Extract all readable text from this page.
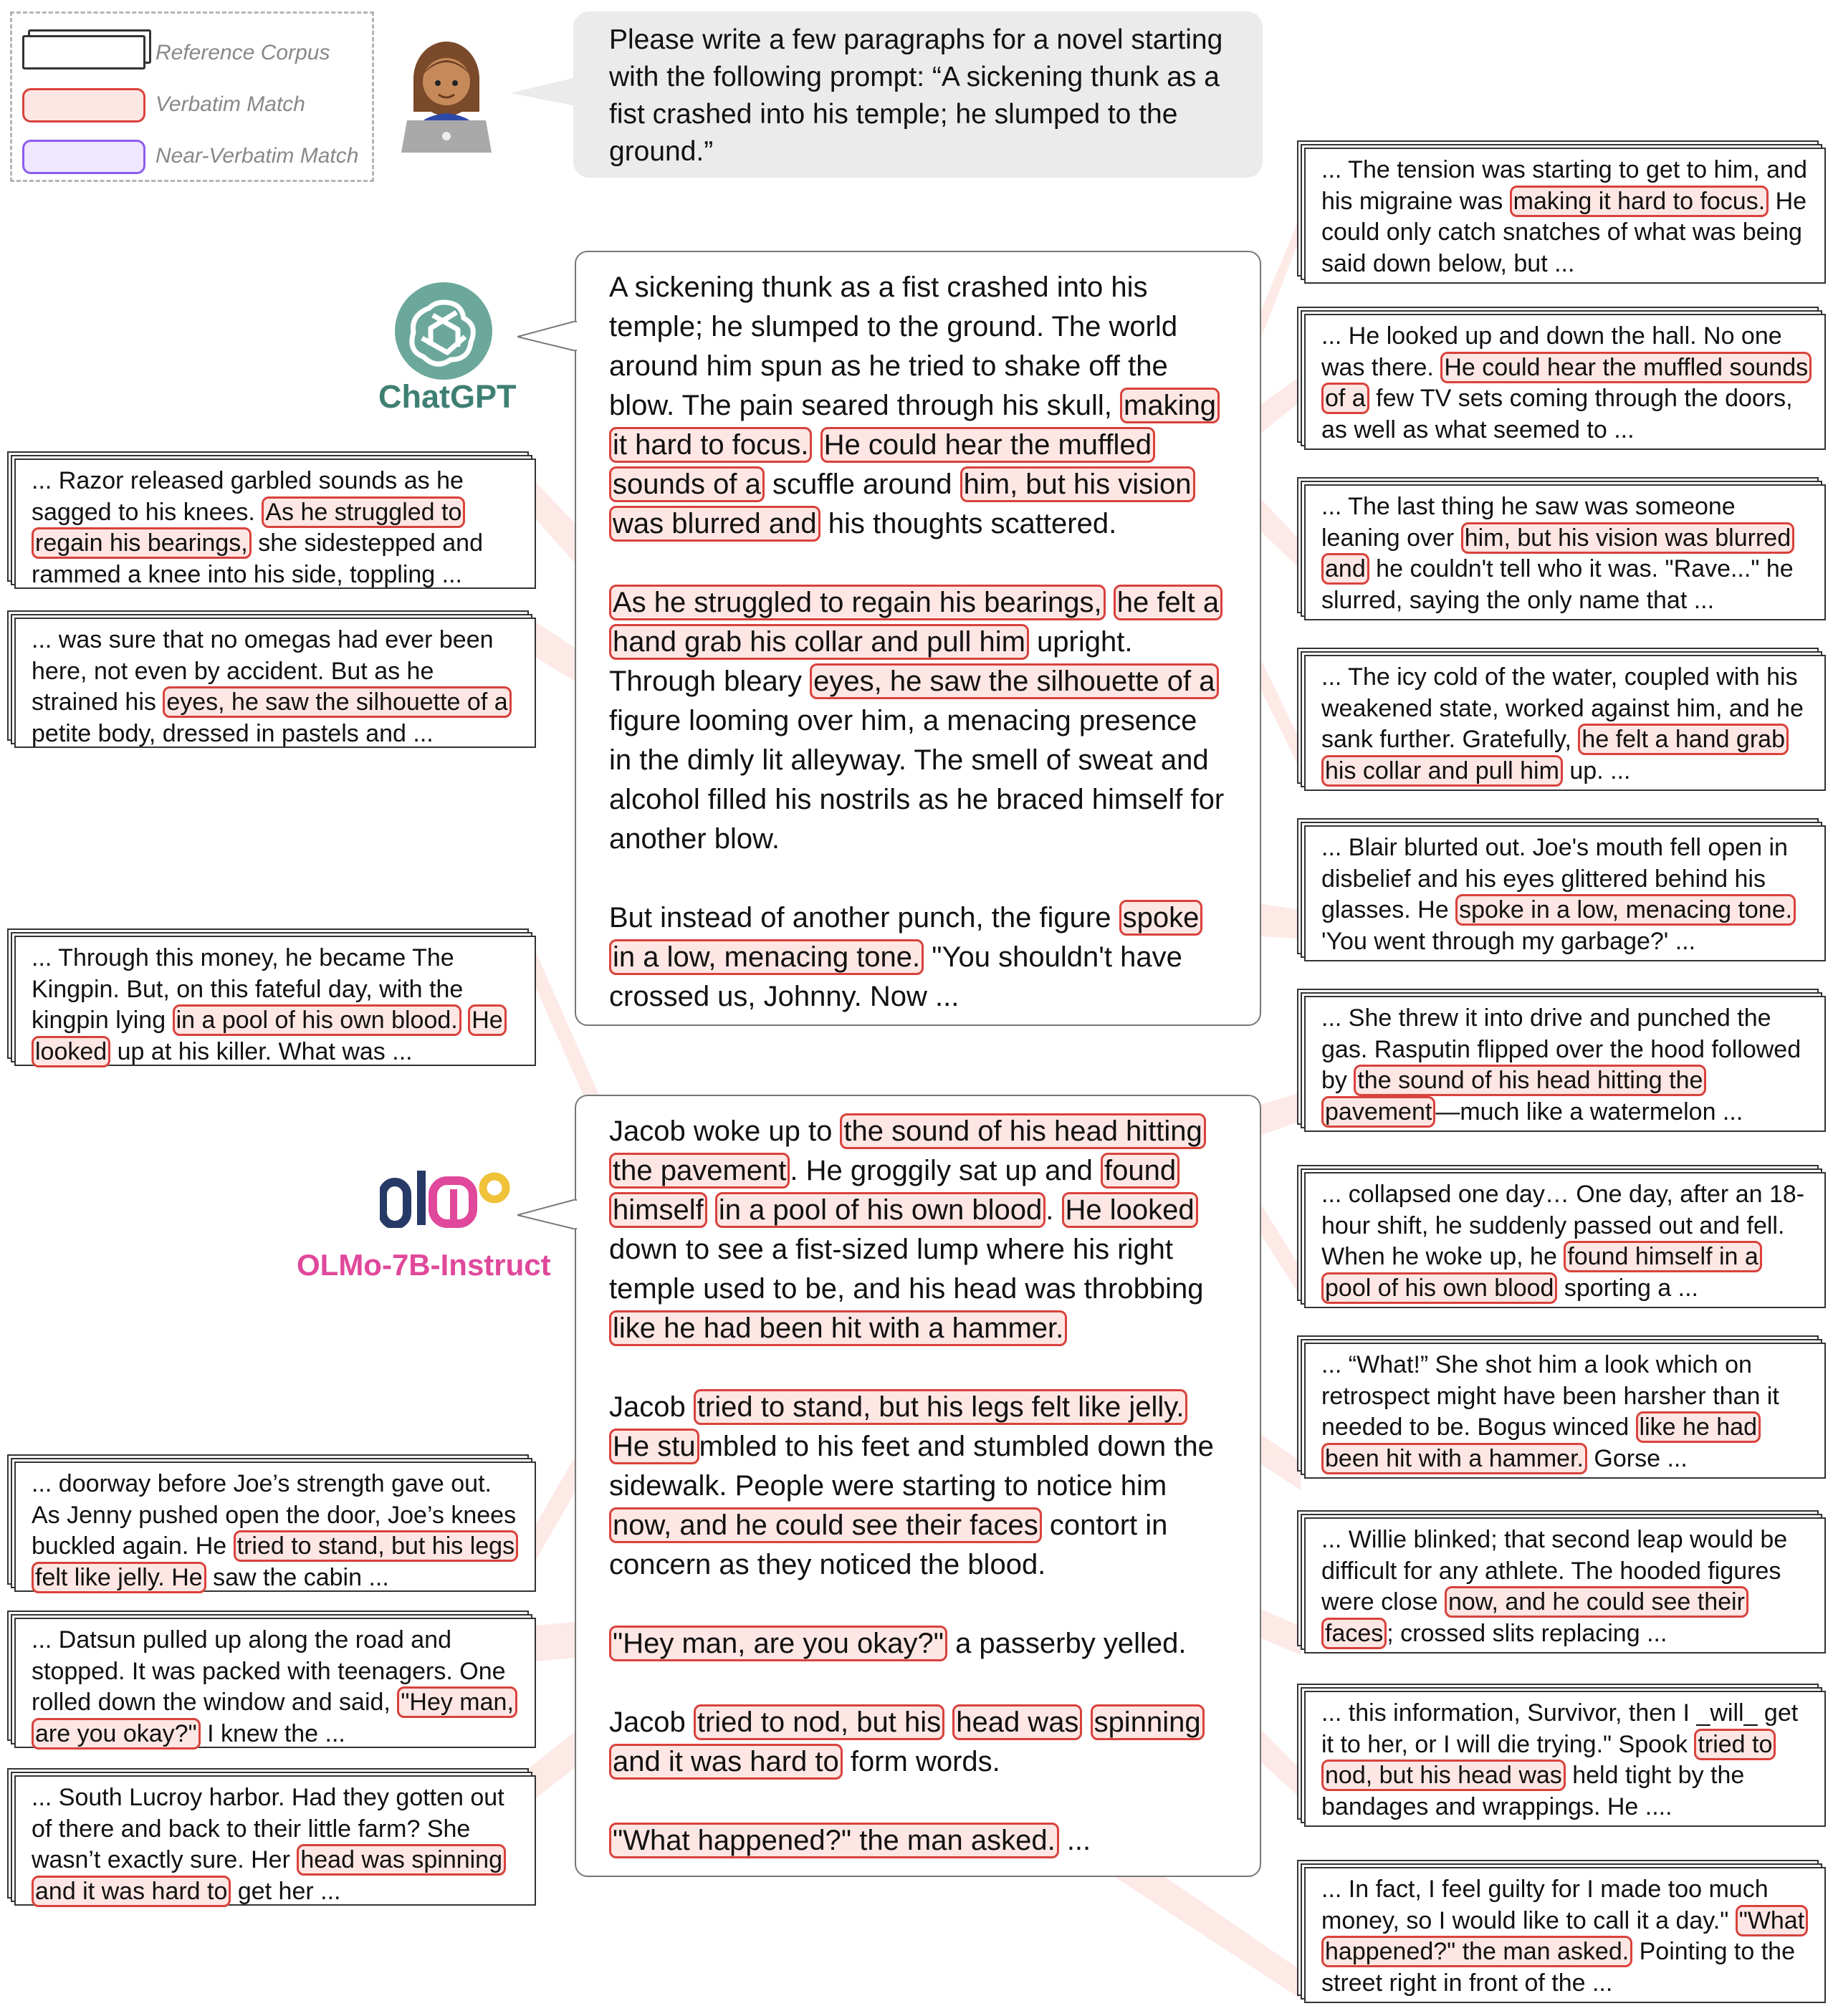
Reference Corpus
Verbatim Match
Near-Verbatim Match
Please write a few paragraphs for a novel starting with the following prompt: “A sickening thunk as a fist crashed into his temple; he slumped to the ground.”
ChatGPT

A sickening thunk as a fist crashed into his temple; he slumped to the ground. The world around him spun as he tried to shake off the blow. The pain seared through his skull, making it hard to focus. He could hear the muffled sounds of a scuffle around him, but his vision was blurred and his thoughts scattered.

As he struggled to regain his bearings, he felt a hand grab his collar and pull him upright. Through bleary eyes, he saw the silhouette of a figure looming over him, a menacing presence in the dimly lit alleyway. The smell of sweat and alcohol filled his nostrils as he braced himself for another blow.

But instead of another punch, the figure spoke in a low, menacing tone. "You shouldn't have crossed us, Johnny. Now ...

OLMo-7B-Instruct

Jacob woke up to the sound of his head hitting the pavement . He groggily sat up and found himself in a pool of his own blood . He looked down to see a fist-sized lump where his right temple used to be, and his head was throbbing like he had been hit with a hammer.

Jacob tried to stand, but his legs felt like jelly. He stu mbled to his feet and stumbled down the sidewalk. People were starting to notice him now, and he could see their faces contort in concern as they noticed the blood.

"Hey man, are you okay?" a passerby yelled.

Jacob tried to nod, but his head was spinning and it was hard to form words.

"What happened?" the man asked. ...

... Razor released garbled sounds as he sagged to his knees. As he struggled to regain his bearings, she sidestepped and rammed a knee into his side, toppling ...
... was sure that no omegas had ever been here, not even by accident. But as he strained his eyes, he saw the silhouette of a petite body, dressed in pastels and ...
... Through this money, he became The Kingpin. But, on this fateful day, with the kingpin lying in a pool of his own blood. He looked up at his killer. What was ...
... doorway before Joe’s strength gave out. As Jenny pushed open the door, Joe’s knees buckled again. He tried to stand, but his legs felt like jelly. He saw the cabin ...
... Datsun pulled up along the road and stopped. It was packed with teenagers. One rolled down the window and said, "Hey man, are you okay?" I knew the ...
... South Lucroy harbor. Had they gotten out of there and back to their little farm? She wasn’t exactly sure. Her head was spinning and it was hard to get her ...
... The tension was starting to get to him, and his migraine was making it hard to focus. He could only catch snatches of what was being said down below, but ...
... He looked up and down the hall. No one was there. He could hear the muffled sounds of a few TV sets coming through the doors, as well as what seemed to ...
... The last thing he saw was someone leaning over him, but his vision was blurred and he couldn't tell who it was. "Rave..." he slurred, saying the only name that ...
... The icy cold of the water, coupled with his weakened state, worked against him, and he sank further. Gratefully, he felt a hand grab his collar and pull him up. ...
... Blair blurted out. Joe's mouth fell open in disbelief and his eyes glittered behind his glasses. He spoke in a low, menacing tone. 'You went through my garbage?' ...
... She threw it into drive and punched the gas. Rasputin flipped over the hood followed by the sound of his head hitting the pavement —much like a watermelon ...
... collapsed one day… One day, after an 18-hour shift, he suddenly passed out and fell. When he woke up, he found himself in a pool of his own blood sporting a ...
... “What!” She shot him a look which on retrospect might have been harsher than it needed to be. Bogus winced like he had been hit with a hammer. Gorse ...
... Willie blinked; that second leap would be difficult for any athlete. The hooded figures were close now, and he could see their faces ; crossed slits replacing ...
... this information, Survivor, then I _will_ get it to her, or I will die trying." Spook tried to nod, but his head was held tight by the bandages and wrappings. He ....
... In fact, I feel guilty for I made too much money, so I would like to call it a day." "What happened?" the man asked. Pointing to the street right in front of the ...
